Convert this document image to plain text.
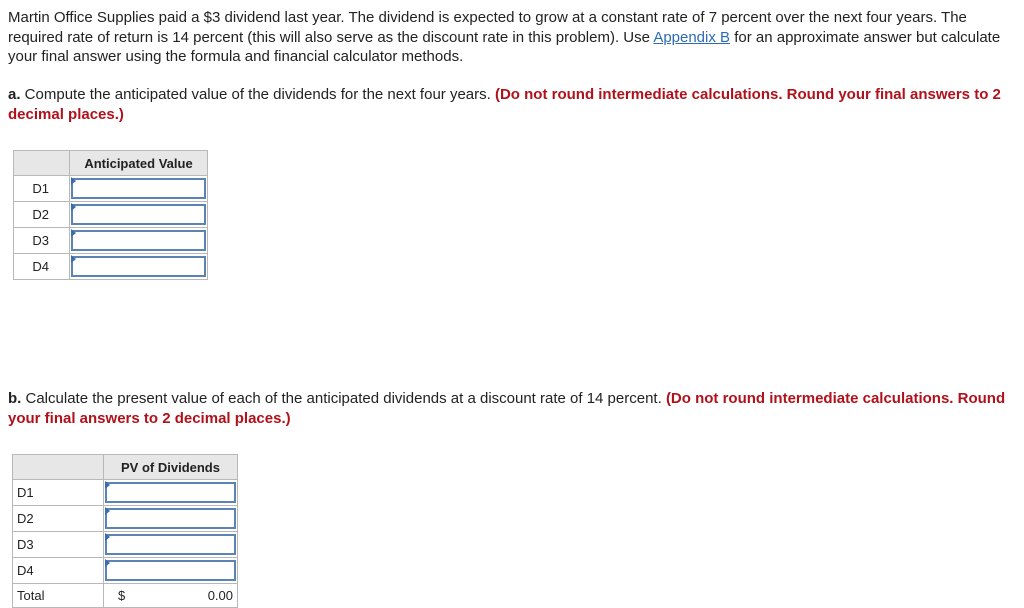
Martin Office Supplies paid a $3 dividend last year. The dividend is expected to grow at a constant rate of 7 percent over the next four years. The required rate of return is 14 percent (this will also serve as the discount rate in this problem). Use Appendix B for an approximate answer but calculate your final answer using the formula and financial calculator methods.

a. Compute the anticipated value of the dividends for the next four years. (Do not round intermediate calculations. Round your final answers to 2 decimal places.)

	Anticipated Value
D1	

D2	

D3	

D4	

b. Calculate the present value of each of the anticipated dividends at a discount rate of 14 percent. (Do not round intermediate calculations. Round your final answers to 2 decimal places.)

	PV of Dividends
D1	

D2	

D3	

D4	

Total	$ 0.00
